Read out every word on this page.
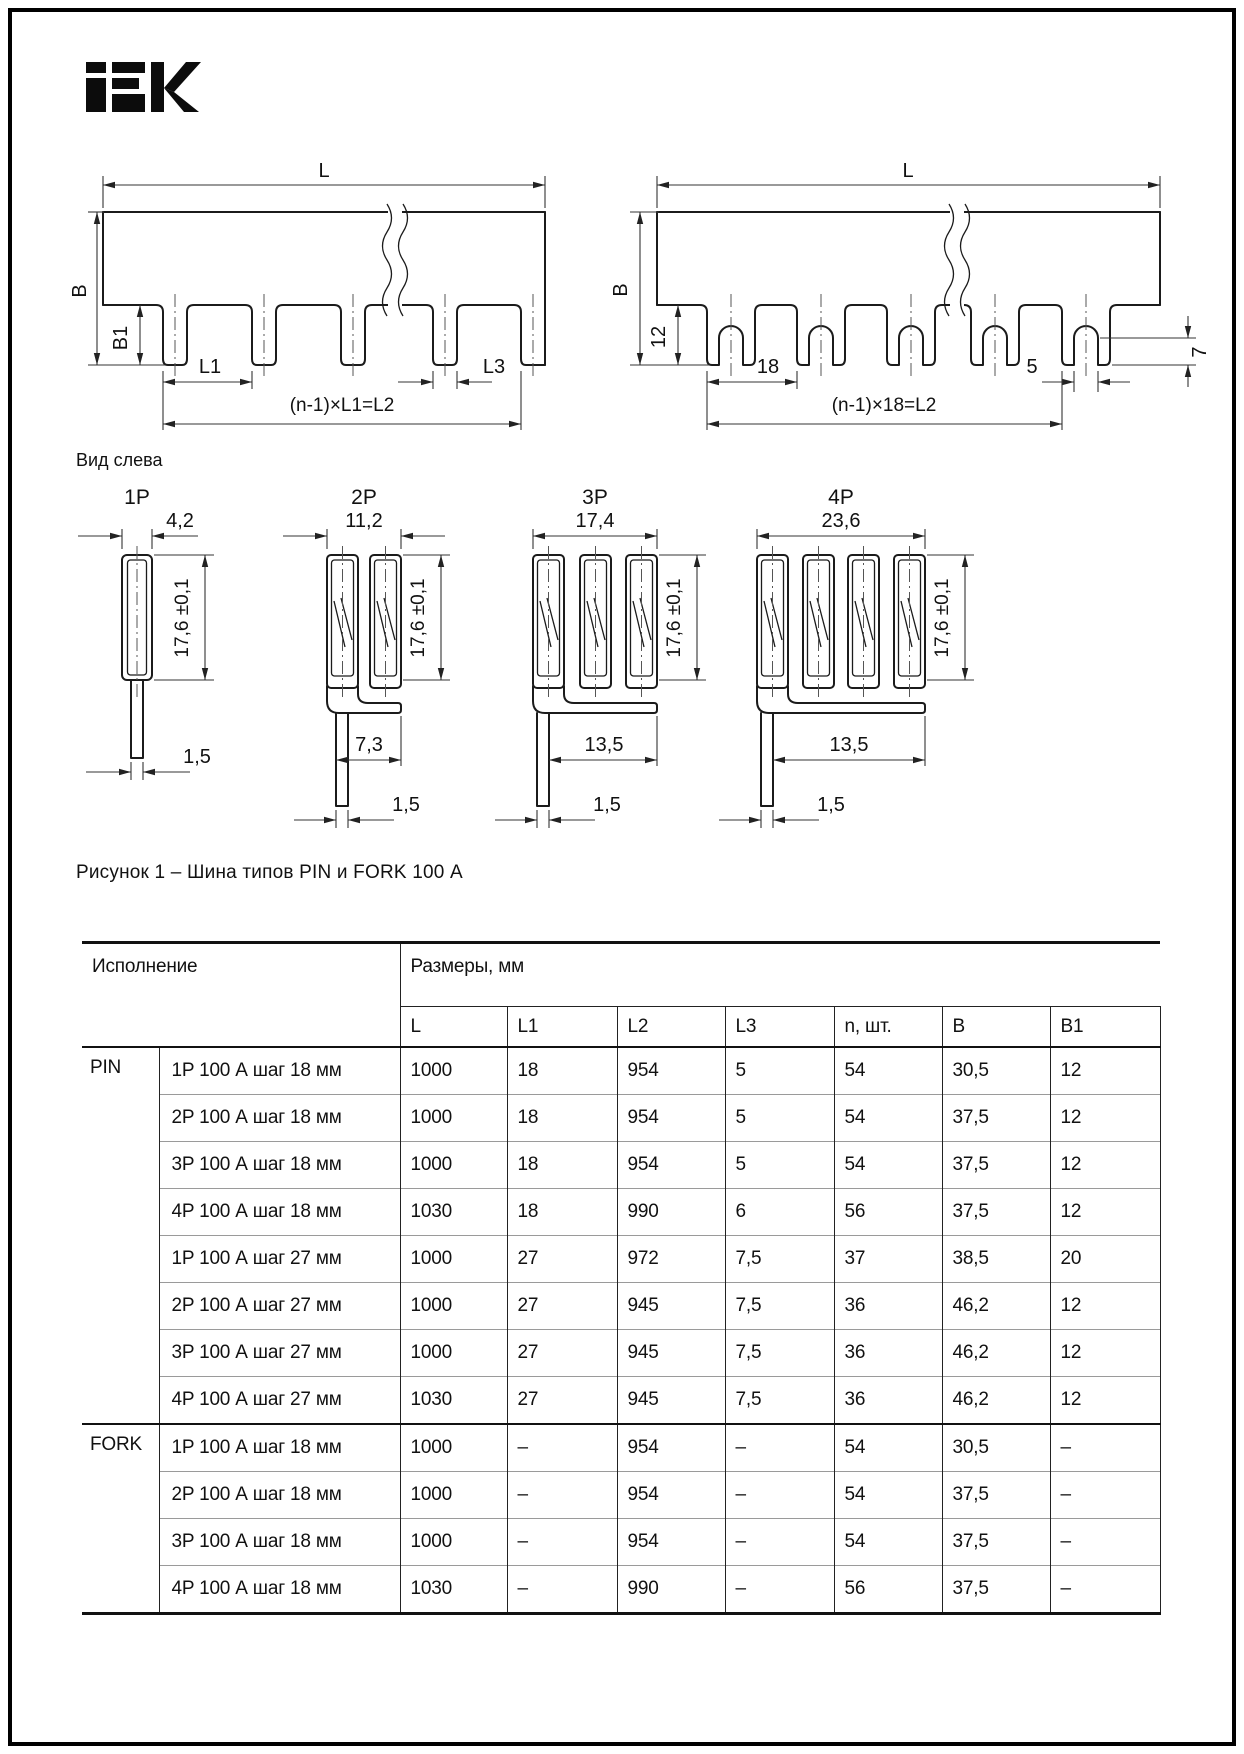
L
B
B1
L1	L3
(n-1)×L1=L2
L
B
12
18	5
7
(n-1)×18=L2
1P
4,2
17,6 ±0,1
1,5
2P
11,2
7,3
1,5
17,6 ±0,1
3P
17,4
13,5
1,5
17,6 ±0,1
4P
23,6
13,5
1,5
17,6 ±0,1
Вид слева
Рисунок 1 – Шина типов PIN и FORK 100 А
Исполнение		Размеры, мм						
		L	L1	L2	L3	n, шт.	B	B1
PIN	1P 100 А шаг 18 мм	1000	18	954	5	54	30,5	12
	2P 100 А шаг 18 мм	1000	18	954	5	54	37,5	12
	3P 100 А шаг 18 мм	1000	18	954	5	54	37,5	12
	4P 100 А шаг 18 мм	1030	18	990	6	56	37,5	12
	1P 100 А шаг 27 мм	1000	27	972	7,5	37	38,5	20
	2P 100 А шаг 27 мм	1000	27	945	7,5	36	46,2	12
	3P 100 А шаг 27 мм	1000	27	945	7,5	36	46,2	12
	4P 100 А шаг 27 мм	1030	27	945	7,5	36	46,2	12
FORK	1P 100 А шаг 18 мм	1000	–	954	–	54	30,5	–
	2P 100 А шаг 18 мм	1000	–	954	–	54	37,5	–
	3P 100 А шаг 18 мм	1000	–	954	–	54	37,5	–
	4P 100 А шаг 18 мм	1030	–	990	–	56	37,5	–
